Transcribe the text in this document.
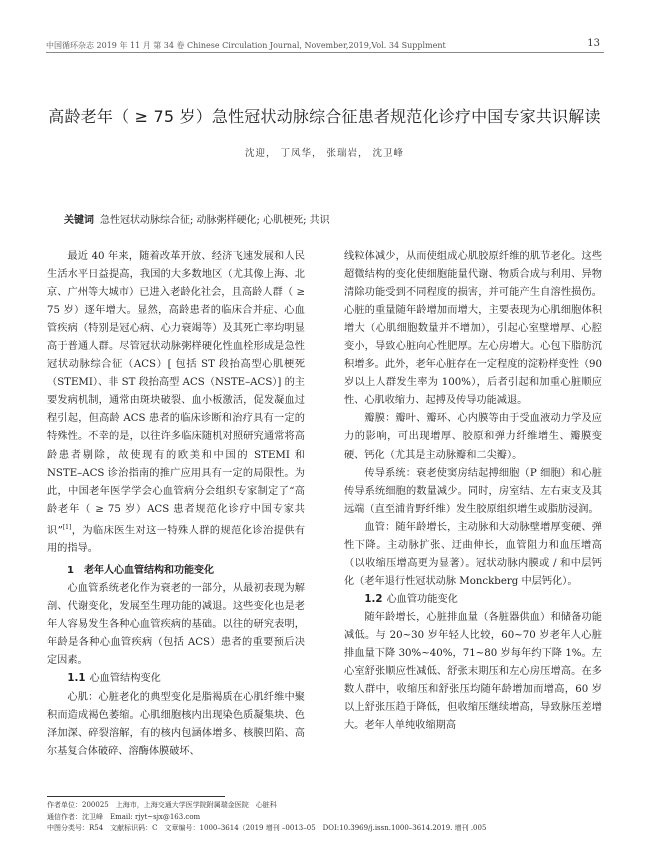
中国循环杂志 2019 年 11 月 第 34 卷 Chinese Circulation Journal, November,2019,Vol. 34 Supplment	13
高龄老年（ ≥ 75 岁）急性冠状动脉综合征患者规范化诊疗中国专家共识解读
沈迎， 丁凤华， 张瑞岩， 沈卫峰
关键词 急性冠状动脉综合征; 动脉粥样硬化; 心肌梗死; 共识

最近 40 年来，随着改革开放、经济飞速发展和人民生活水平日益提高，我国的大多数地区（尤其像上海、北京、广州等大城市）已进入老龄化社会，且高龄人群（ ≥ 75 岁）逐年增大。显然，高龄患者的临床合并症、心血管疾病（特别是冠心病、心力衰竭等）及其死亡率均明显高于普通人群。尽管冠状动脉粥样硬化性血栓形成是急性冠状动脉综合征（ACS）[ 包括 ST 段抬高型心肌梗死（STEMI）、非 ST 段抬高型 ACS（NSTE–ACS）] 的主要发病机制，通常由斑块破裂、血小板激活，促发凝血过程引起，但高龄 ACS 患者的临床诊断和治疗具有一定的特殊性。不幸的是，以往许多临床随机对照研究通常将高龄患者剔除，故使现有的欧美和中国的 STEMI 和 NSTE–ACS 诊治指南的推广应用具有一定的局限性。为此，中国老年医学学会心血管病分会组织专家制定了“高龄老年（ ≥ 75 岁）ACS 患者规范化诊疗中国专家共识”[1]，为临床医生对这一特殊人群的规范化诊治提供有用的指导。

1　老年人心血管结构和功能变化

心血管系统老化作为衰老的一部分，从最初表现为解剖、代谢变化，发展至生理功能的减退。这些变化也是老年人容易发生各种心血管疾病的基础。以往的研究表明，年龄是各种心血管疾病（包括 ACS）患者的重要预后决定因素。

1.1 心血管结构变化

心肌：心脏老化的典型变化是脂褐质在心肌纤维中聚积而造成褐色萎缩。心肌细胞核内出现染色质凝集块、色泽加深、碎裂溶解，有的核内包涵体增多、核膜凹陷、高尔基复合体破碎、溶酶体膜破坏、

线粒体减少，从而使组成心肌胶原纤维的肌节老化。这些超微结构的变化使细胞能量代谢、物质合成与利用、异物清除功能受到不同程度的损害，并可能产生自溶性损伤。心脏的重量随年龄增加而增大，主要表现为心肌细胞体积增大（心肌细胞数量并不增加），引起心室壁增厚、心腔变小，导致心脏向心性肥厚。左心房增大。心包下脂肪沉积增多。此外，老年心脏存在一定程度的淀粉样变性（90 岁以上人群发生率为 100%），后者引起和加重心脏顺应性、心肌收缩力、起搏及传导功能减退。

瓣膜：瓣叶、瓣环、心内膜等由于受血液动力学及应力的影响，可出现增厚、胶原和弹力纤维增生、瓣膜变硬、钙化（尤其是主动脉瓣和二尖瓣）。

传导系统：衰老使窦房结起搏细胞（P 细胞）和心脏传导系统细胞的数量减少。同时，房室结、左右束支及其远端（直至浦肯野纤维）发生胶原组织增生或脂肪浸润。

血管：随年龄增长，主动脉和大动脉壁增厚变硬、弹性下降。主动脉扩张、迂曲伸长，血管阻力和血压增高（以收缩压增高更为显著）。冠状动脉内膜或 / 和中层钙化（老年退行性冠状动脉 Monckberg 中层钙化）。

1.2 心血管功能变化

随年龄增长，心脏排血量（各脏器供血）和储备功能减低。与 20~30 岁年轻人比较，60~70 岁老年人心脏排血量下降 30%~40%，71~80 岁每年约下降 1%。左心室舒张顺应性减低、舒张末期压和左心房压增高。在多数人群中，收缩压和舒张压均随年龄增加而增高，60 岁以上舒张压趋于降低，但收缩压继续增高，导致脉压差增大。老年人单纯收缩期高

作者单位：200025　上海市，上海交通大学医学院附属瑞金医院　心脏科
通信作者：沈卫峰　Email: rjyt~sjx@163.com
中图分类号：R54　文献标识码：C　文章编号：1000–3614（2019 增刊 –0013–05　DOI:10.3969/j.issn.1000–3614.2019. 增刊 .005
